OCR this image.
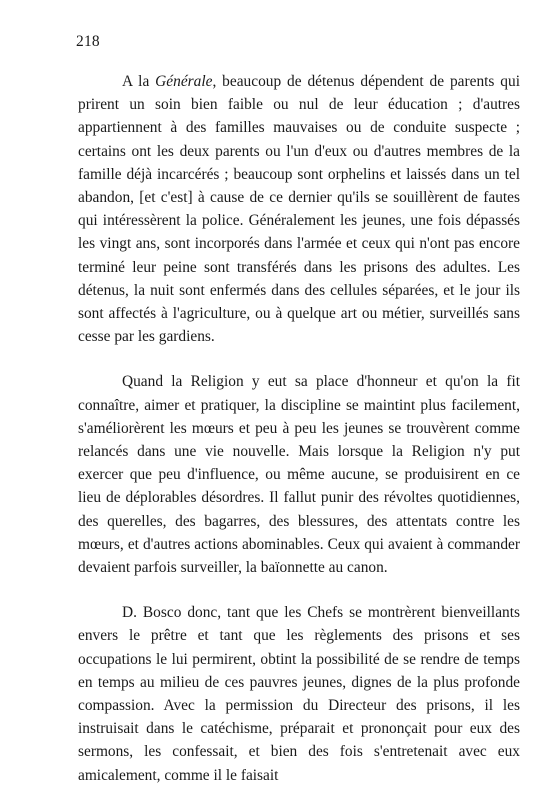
218

A la Générale, beaucoup de détenus dépendent de parents qui prirent un soin bien faible ou nul de leur éducation ; d'autres appartiennent à des familles mauvaises ou de conduite suspecte ; certains ont les deux parents ou l'un d'eux ou d'autres membres de la famille déjà incarcérés ; beaucoup sont orphelins et laissés dans un tel abandon, [et c'est] à cause de ce dernier qu'ils se souillèrent de fautes qui intéressèrent la police. Généralement les jeunes, une fois dépassés les vingt ans, sont incorporés dans l'armée et ceux qui n'ont pas encore terminé leur peine sont transférés dans les prisons des adultes. Les détenus, la nuit sont enfermés dans des cellules séparées, et le jour ils sont affectés à l'agriculture, ou à quelque art ou métier, surveillés sans cesse par les gardiens.

Quand la Religion y eut sa place d'honneur et qu'on la fit connaître, aimer et pratiquer, la discipline se maintint plus facilement, s'améliorèrent les mœurs et peu à peu les jeunes se trouvèrent comme relancés dans une vie nouvelle. Mais lorsque la Religion n'y put exercer que peu d'influence, ou même aucune, se produisirent en ce lieu de déplorables désordres. Il fallut punir des révoltes quotidiennes, des querelles, des bagarres, des blessures, des attentats contre les mœurs, et d'autres actions abominables. Ceux qui avaient à commander devaient parfois surveiller, la baïonnette au canon.

D. Bosco donc, tant que les Chefs se montrèrent bienveillants envers le prêtre et tant que les règlements des prisons et ses occupations le lui permirent, obtint la possibilité de se rendre de temps en temps au milieu de ces pauvres jeunes, dignes de la plus profonde compassion. Avec la permission du Directeur des prisons, il les instruisait dans le catéchisme, préparait et prononçait pour eux des sermons, les confessait, et bien des fois s'entretenait avec eux amicalement, comme il le faisait
